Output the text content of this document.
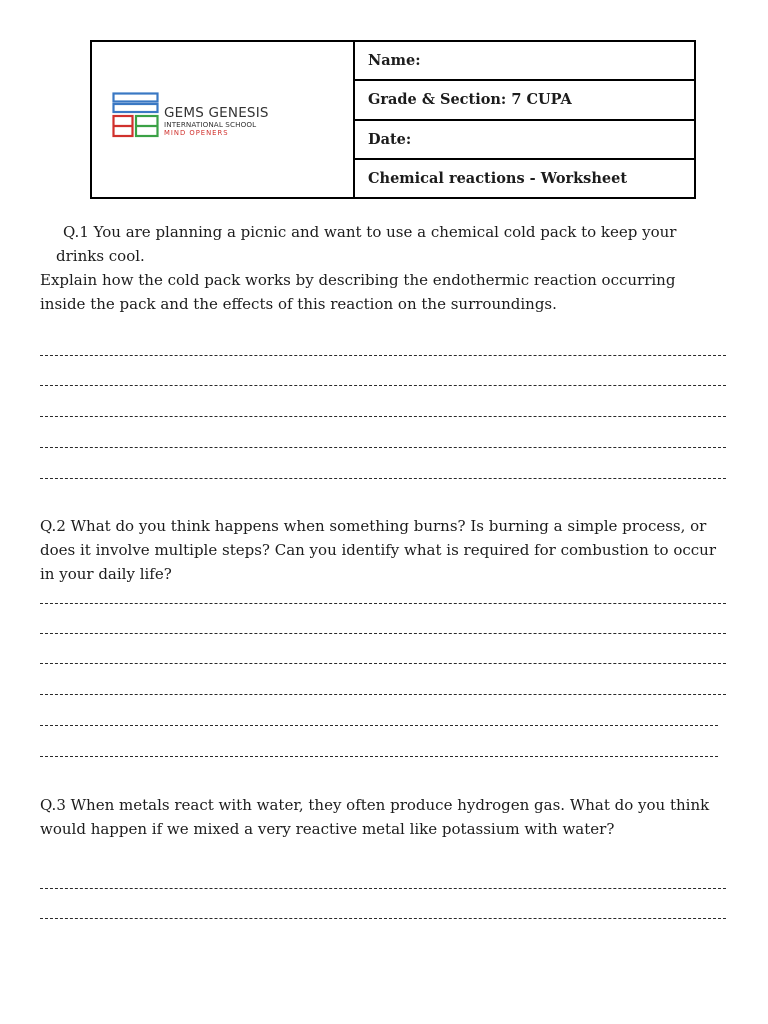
GEMS GENESIS
INTERNATIONAL SCHOOL
MIND OPENERS
Name:
Grade & Section: 7 CUPA
Date:
Chemical reactions - Worksheet
Q.1 You are planning a picnic and want to use a chemical cold pack to keep your
drinks cool.
Explain how the cold pack works by describing the endothermic reaction occurring
inside the pack and the effects of this reaction on the surroundings.
Q.2 What do you think happens when something burns? Is burning a simple process, or
does it involve multiple steps? Can you identify what is required for combustion to occur
in your daily life?
Q.3 When metals react with water, they often produce hydrogen gas. What do you think
would happen if we mixed a very reactive metal like potassium with water?
